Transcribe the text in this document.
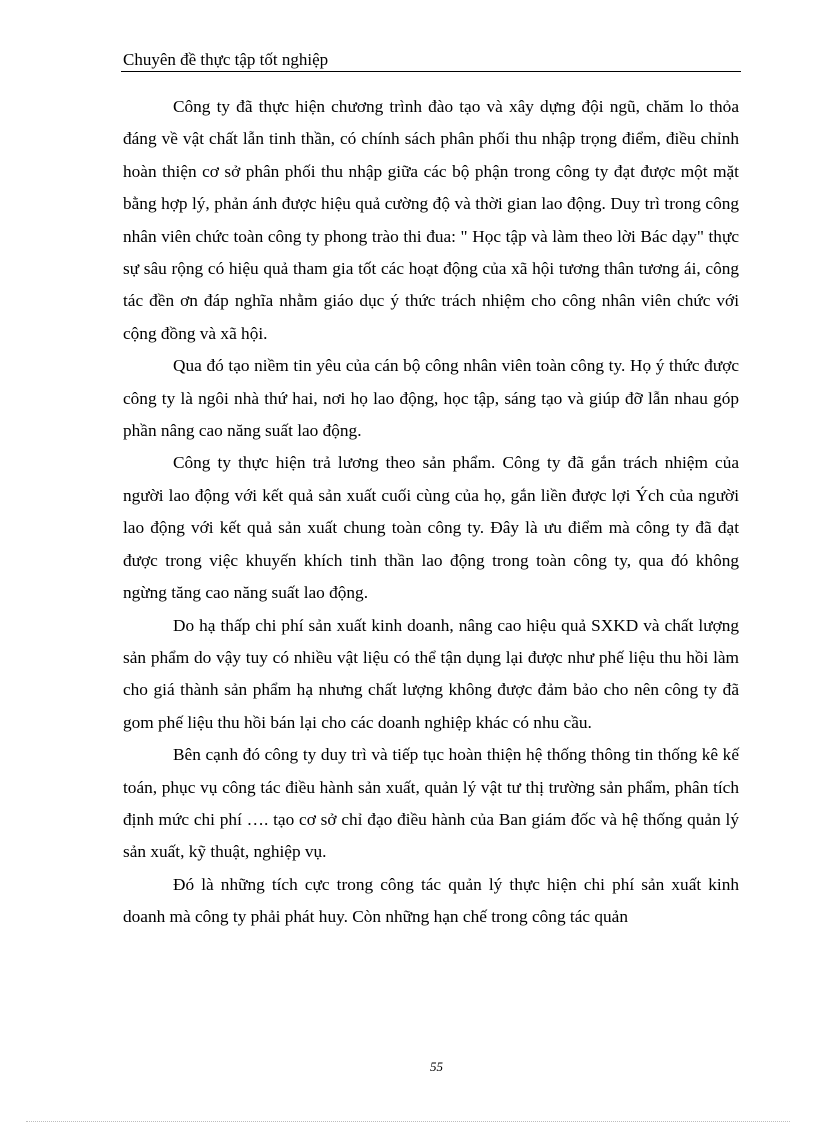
Chuyên đề thực tập tốt nghiệp

Công ty đã thực hiện chương trình đào tạo và xây dựng đội ngũ, chăm lo thỏa đáng về vật chất lẫn tinh thần, có chính sách phân phối thu nhập trọng điểm, điều chỉnh hoàn thiện cơ sở phân phối thu nhập giữa các bộ phận trong công ty đạt được một mặt bằng hợp lý, phản ánh được hiệu quả cường độ và thời gian lao động. Duy trì trong công nhân viên chức toàn công ty phong trào thi đua: " Học tập và làm theo lời Bác dạy" thực sự sâu rộng có hiệu quả tham gia tốt các hoạt động của xã hội tương thân tương ái, công tác đền ơn đáp nghĩa nhằm giáo dục ý thức trách nhiệm cho công nhân viên chức với cộng đồng và xã hội.

Qua đó tạo niềm tin yêu của cán bộ công nhân viên toàn công ty. Họ ý thức được công ty là ngôi nhà thứ hai, nơi họ lao động, học tập, sáng tạo và giúp đỡ lẫn nhau góp phần nâng cao năng suất lao động.

Công ty thực hiện trả lương theo sản phẩm. Công ty đã gắn trách nhiệm của người lao động với kết quả sản xuất cuối cùng của họ, gắn liền được lợi Ých của người lao động với kết quả sản xuất chung toàn công ty. Đây là ưu điểm mà công ty đã đạt được trong việc khuyến khích tinh thần lao động trong toàn công ty, qua đó không ngừng tăng cao năng suất lao động.

Do hạ thấp chi phí sản xuất kinh doanh, nâng cao hiệu quả SXKD và chất lượng sản phẩm do vậy tuy có nhiều vật liệu có thể tận dụng lại được như phế liệu thu hồi làm cho giá thành sản phẩm hạ nhưng chất lượng không được đảm bảo cho nên công ty đã gom phế liệu thu hồi bán lại cho các doanh nghiệp khác có nhu cầu.

Bên cạnh đó công ty duy trì và tiếp tục hoàn thiện hệ thống thông tin thống kê kế toán, phục vụ công tác điều hành sản xuất, quản lý vật tư thị trường sản phẩm, phân tích định mức chi phí …. tạo cơ sở chỉ đạo điều hành của Ban giám đốc và hệ thống quản lý sản xuất, kỹ thuật, nghiệp vụ.

Đó là những tích cực trong công tác quản lý thực hiện chi phí sản xuất kinh doanh mà công ty phải phát huy. Còn những hạn chế trong công tác quản

55
